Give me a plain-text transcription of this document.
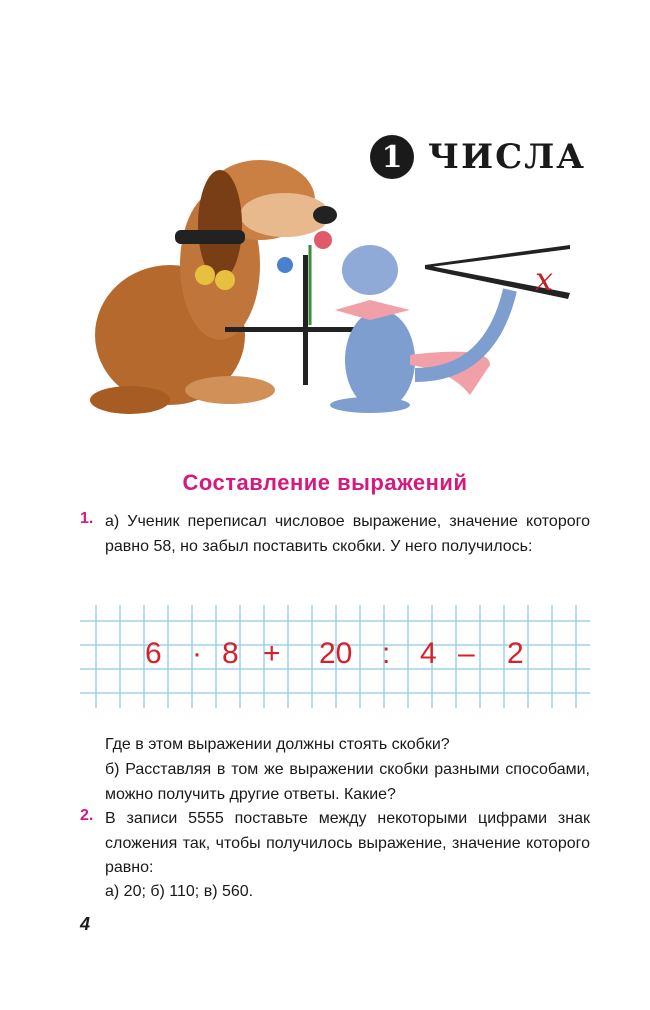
x
1 ЧИСЛА
Составление выражений
1. а) Ученик переписал числовое выражение, значение которого равно 58, но забыл поставить скобки. У него получилось:
6 · 8 + 20 : 4 – 2
Где в этом выражении должны стоять скобки?
б) Расставляя в том же выражении скобки разными способами, можно получить другие ответы. Какие?
2. В записи 5555 поставьте между некоторыми цифрами знак сложения так, чтобы получилось выражение, значение которого равно:
а) 20; б) 110; в) 560.
4
